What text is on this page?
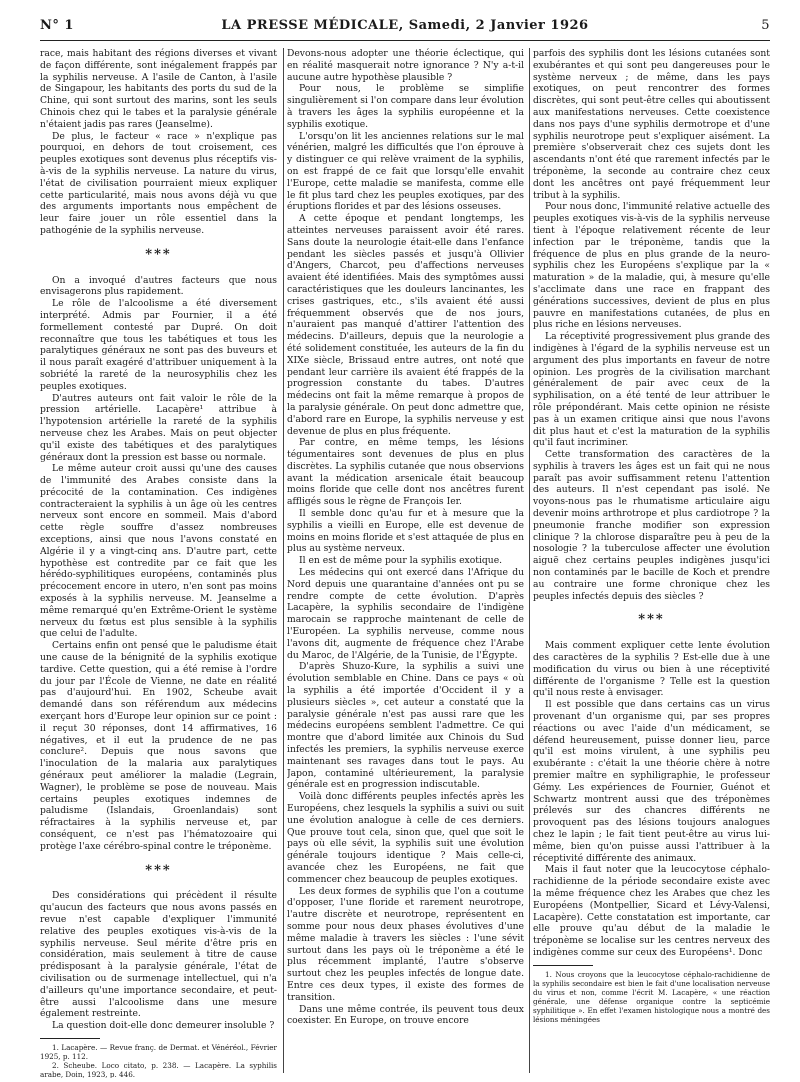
N° 1	LA PRESSE MÉDICALE, Samedi, 2 Janvier 1926	5

race, mais habitant des régions diverses et vivant de façon différente, sont inégalement frappés par la syphilis nerveuse. A l'asile de Canton, à l'asile de Singapour, les habitants des ports du sud de la Chine, qui sont surtout des marins, sont les seuls Chinois chez qui le tabes et la paralysie générale n'étaient jadis pas rares (Jeanselme).

De plus, le facteur « race » n'explique pas pourquoi, en dehors de tout croisement, ces peuples exotiques sont devenus plus réceptifs vis-à-vis de la syphilis nerveuse. La nature du virus, l'état de civilisation pourraient mieux expliquer cette particularité, mais nous avons déjà vu que des arguments importants nous empêchent de leur faire jouer un rôle essentiel dans la pathogénie de la syphilis nerveuse.

***

On a invoqué d'autres facteurs que nous envisagerons plus rapidement.

Le rôle de l'alcoolisme a été diversement interprété. Admis par Fournier, il a été formellement contesté par Dupré. On doit reconnaître que tous les tabétiques et tous les paralytiques généraux ne sont pas des buveurs et il nous paraît exagéré d'attribuer uniquement à la sobriété la rareté de la neurosyphilis chez les peuples exotiques.

D'autres auteurs ont fait valoir le rôle de la pression artérielle. Lacapère¹ attribue à l'hypotension artérielle la rareté de la syphilis nerveuse chez les Arabes. Mais on peut objecter qu'il existe des tabétiques et des paralytiques généraux dont la pression est basse ou normale.

Le même auteur croit aussi qu'une des causes de l'immunité des Arabes consiste dans la précocité de la contamination. Ces indigènes contracteraient la syphilis à un âge où les centres nerveux sont encore en sommeil. Mais d'abord cette règle souffre d'assez nombreuses exceptions, ainsi que nous l'avons constaté en Algérie il y a vingt-cinq ans. D'autre part, cette hypothèse est contredite par ce fait que les hérédo-syphilitiques européens, contaminés plus précocement encore in utero, n'en sont pas moins exposés à la syphilis nerveuse. M. Jeanselme a même remarqué qu'en Extrême-Orient le système nerveux du fœtus est plus sensible à la syphilis que celui de l'adulte.

Certains enfin ont pensé que le paludisme était une cause de la bénignité de la syphilis exotique tardive. Cette question, qui a été remise à l'ordre du jour par l'École de Vienne, ne date en réalité pas d'aujourd'hui. En 1902, Scheube avait demandé dans son référendum aux médecins exerçant hors d'Europe leur opinion sur ce point : il reçut 30 réponses, dont 14 affirmatives, 16 négatives, et il eut la prudence de ne pas conclure². Depuis que nous savons que l'inoculation de la malaria aux paralytiques généraux peut améliorer la maladie (Legrain, Wagner), le problème se pose de nouveau. Mais certains peuples exotiques indemnes de paludisme (Islandais, Groenlandais) sont réfractaires à la syphilis nerveuse et, par conséquent, ce n'est pas l'hématozoaire qui protège l'axe cérébro-spinal contre le tréponème.

***

Des considérations qui précèdent il résulte qu'aucun des facteurs que nous avons passés en revue n'est capable d'expliquer l'immunité relative des peuples exotiques vis-à-vis de la syphilis nerveuse. Seul mérite d'être pris en considération, mais seulement à titre de cause prédisposant à la paralysie générale, l'état de civilisation ou de surmenage intellectuel, qui n'a d'ailleurs qu'une importance secondaire, et peut-être aussi l'alcoolisme dans une mesure également restreinte.

La question doit-elle donc demeurer insoluble ?

1. Lacapère. — Revue franç. de Dermat. et Vénéréol., Février 1925, p. 112.

2. Scheube. Loco citato, p. 238. — Lacapère. La syphilis arabe, Doin, 1923, p. 446.

Devons-nous adopter une théorie éclectique, qui en réalité masquerait notre ignorance ? N'y a-t-il aucune autre hypothèse plausible ?

Pour nous, le problème se simplifie singulièrement si l'on compare dans leur évolution à travers les âges la syphilis européenne et la syphilis exotique.

L'orsqu'on lit les anciennes relations sur le mal vénérien, malgré les difficultés que l'on éprouve à y distinguer ce qui relève vraiment de la syphilis, on est frappé de ce fait que lorsqu'elle envahit l'Europe, cette maladie se manifesta, comme elle le fit plus tard chez les peuples exotiques, par des éruptions florides et par des lésions osseuses.

A cette époque et pendant longtemps, les atteintes nerveuses paraissent avoir été rares. Sans doute la neurologie était-elle dans l'enfance pendant les siècles passés et jusqu'à Ollivier d'Angers, Charcot, peu d'affections nerveuses avaient été identifiées. Mais des symptômes aussi caractéristiques que les douleurs lancinantes, les crises gastriques, etc., s'ils avaient été aussi fréquemment observés que de nos jours, n'auraient pas manqué d'attirer l'attention des médecins. D'ailleurs, depuis que la neurologie a été solidement constituée, les auteurs de la fin du XIXe siècle, Brissaud entre autres, ont noté que pendant leur carrière ils avaient été frappés de la progression constante du tabes. D'autres médecins ont fait la même remarque à propos de la paralysie générale. On peut donc admettre que, d'abord rare en Europe, la syphilis nerveuse y est devenue de plus en plus fréquente.

Par contre, en même temps, les lésions tégumentaires sont devenues de plus en plus discrètes. La syphilis cutanée que nous observions avant la médication arsenicale était beaucoup moins floride que celle dont nos ancêtres furent affligés sous le règne de François Ier.

Il semble donc qu'au fur et à mesure que la syphilis a vieilli en Europe, elle est devenue de moins en moins floride et s'est attaquée de plus en plus au système nerveux.

Il en est de même pour la syphilis exotique.

Les médecins qui ont exercé dans l'Afrique du Nord depuis une quarantaine d'années ont pu se rendre compte de cette évolution. D'après Lacapère, la syphilis secondaire de l'indigène marocain se rapproche maintenant de celle de l'Européen. La syphilis nerveuse, comme nous l'avons dit, augmente de fréquence chez l'Arabe du Maroc, de l'Algérie, de la Tunisie, de l'Égypte.

D'après Shuzo-Kure, la syphilis a suivi une évolution semblable en Chine. Dans ce pays « où la syphilis a été importée d'Occident il y a plusieurs siècles », cet auteur a constaté que la paralysie générale n'est pas aussi rare que les médecins européens semblent l'admettre. Ce qui montre que d'abord limitée aux Chinois du Sud infectés les premiers, la syphilis nerveuse exerce maintenant ses ravages dans tout le pays. Au Japon, contaminé ultérieurement, la paralysie générale est en progression indiscutable.

Voilà donc différents peuples infectés après les Européens, chez lesquels la syphilis a suivi ou suit une évolution analogue à celle de ces derniers. Que prouve tout cela, sinon que, quel que soit le pays où elle sévit, la syphilis suit une évolution générale toujours identique ? Mais celle-ci, avancée chez les Européens, ne fait que commencer chez beaucoup de peuples exotiques.

Les deux formes de syphilis que l'on a coutume d'opposer, l'une floride et rarement neurotrope, l'autre discrète et neurotrope, représentent en somme pour nous deux phases évolutives d'une même maladie à travers les siècles : l'une sévit surtout dans les pays où le tréponème a été le plus récemment implanté, l'autre s'observe surtout chez les peuples infectés de longue date. Entre ces deux types, il existe des formes de transition.

Dans une même contrée, ils peuvent tous deux coexister. En Europe, on trouve encore

parfois des syphilis dont les lésions cutanées sont exubérantes et qui sont peu dangereuses pour le système nerveux ; de même, dans les pays exotiques, on peut rencontrer des formes discrètes, qui sont peut-être celles qui aboutissent aux manifestations nerveuses. Cette coexistence dans nos pays d'une syphilis dermotrope et d'une syphilis neurotrope peut s'expliquer aisément. La première s'observerait chez ces sujets dont les ascendants n'ont été que rarement infectés par le tréponème, la seconde au contraire chez ceux dont les ancêtres ont payé fréquemment leur tribut à la syphilis.

Pour nous donc, l'immunité relative actuelle des peuples exotiques vis-à-vis de la syphilis nerveuse tient à l'époque relativement récente de leur infection par le tréponème, tandis que la fréquence de plus en plus grande de la neuro-syphilis chez les Européens s'explique par la « maturation » de la maladie, qui, à mesure qu'elle s'acclimate dans une race en frappant des générations successives, devient de plus en plus pauvre en manifestations cutanées, de plus en plus riche en lésions nerveuses.

La réceptivité progressivement plus grande des indigènes à l'égard de la syphilis nerveuse est un argument des plus importants en faveur de notre opinion. Les progrès de la civilisation marchant généralement de pair avec ceux de la syphilisation, on a été tenté de leur attribuer le rôle prépondérant. Mais cette opinion ne résiste pas à un examen critique ainsi que nous l'avons dit plus haut et c'est la maturation de la syphilis qu'il faut incriminer.

Cette transformation des caractères de la syphilis à travers les âges est un fait qui ne nous paraît pas avoir suffisamment retenu l'attention des auteurs. Il n'est cependant pas isolé. Ne voyons-nous pas le rhumatisme articulaire aigu devenir moins arthrotrope et plus cardiotrope ? la pneumonie franche modifier son expression clinique ? la chlorose disparaître peu à peu de la nosologie ? la tuberculose affecter une évolution aiguë chez certains peuples indigènes jusqu'ici non contaminés par le bacille de Koch et prendre au contraire une forme chronique chez les peuples infectés depuis des siècles ?

***

Mais comment expliquer cette lente évolution des caractères de la syphilis ? Est-elle due à une modification du virus ou bien à une réceptivité différente de l'organisme ? Telle est la question qu'il nous reste à envisager.

Il est possible que dans certains cas un virus provenant d'un organisme qui, par ses propres réactions ou avec l'aide d'un médicament, se défend heureusement, puisse donner lieu, parce qu'il est moins virulent, à une syphilis peu exubérante : c'était la une théorie chère à notre premier maître en syphiligraphie, le professeur Gémy. Les expériences de Fournier, Guénot et Schwartz montrent aussi que des tréponèmes prélevés sur des chancres différents ne provoquent pas des lésions toujours analogues chez le lapin ; le fait tient peut-être au virus lui-même, bien qu'on puisse aussi l'attribuer à la réceptivité différente des animaux.

Mais il faut noter que la leucocytose céphalo-rachidienne de la période secondaire existe avec la même fréquence chez les Arabes que chez les Européens (Montpellier, Sicard et Lévy-Valensi, Lacapère). Cette constatation est importante, car elle prouve qu'au début de la maladie le tréponème se localise sur les centres nerveux des indigènes comme sur ceux des Européens¹. Donc

1. Nous croyons que la leucocytose céphalo-rachidienne de la syphilis secondaire est bien le fait d'une localisation nerveuse du virus et non, comme l'écrit M. Lacapère, « une réaction générale, une défense organique contre la septicémie syphilitique ». En effet l'examen histologique nous a montré des lésions méningées
